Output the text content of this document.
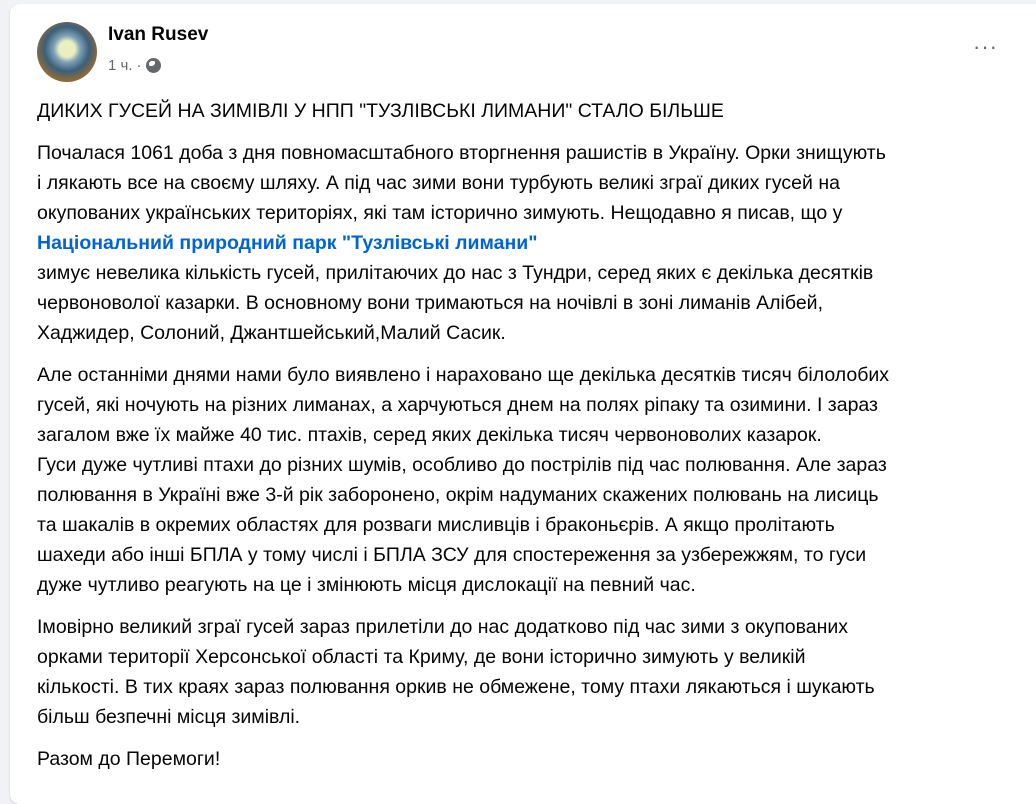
Ivan Rusev
1 ч. ·
···
ДИКИХ ГУСЕЙ НА ЗИМІВЛІ У НПП "ТУЗЛІВСЬКІ ЛИМАНИ" СТАЛО БІЛЬШЕ
Почалася 1061 доба з дня повномасштабного вторгнення рашистів в Україну. Орки знищують
і лякають все на своєму шляху. А під час зими вони турбують великі зграї диких гусей на
окупованих українських територіях, які там історично зимують. Нещодавно я писав, що у
Національний природний парк "Тузлівські лимани"
зимує невелика кількість гусей, прилітаючих до нас з Тундри, серед яких є декілька десятків
червоноволої казарки. В основному вони тримаються на ночівлі в зоні лиманів Алібей,
Хаджидер, Солоний, Джантшейський,Малий Сасик.
Але останніми днями нами було виявлено і нараховано ще декілька десятків тисяч білолобих
гусей, які ночують на різних лиманах, а харчуються днем на полях ріпаку та озимини. І зараз
загалом вже їх майже 40 тис. птахів, серед яких декілька тисяч червоноволих казарок.
Гуси дуже чутливі птахи до різних шумів, особливо до пострілів під час полювання. Але зараз
полювання в Україні вже 3-й рік заборонено, окрім надуманих скажених полювань на лисиць
та шакалів в окремих областях для розваги мисливців і браконьєрів. А якщо пролітають
шахеди або інші БПЛА у тому числі і БПЛА ЗСУ для спостереження за узбережжям, то гуси
дуже чутливо реагують на це і змінюють місця дислокації на певний час.
Імовірно великий зграї гусей зараз прилетіли до нас додатково під час зими з окупованих
орками території Херсонської області та Криму, де вони історично зимують у великій
кількості. В тих краях зараз полювання оркив не обмежене, тому птахи лякаються і шукають
більш безпечні місця зимівлі.
Разом до Перемоги!
